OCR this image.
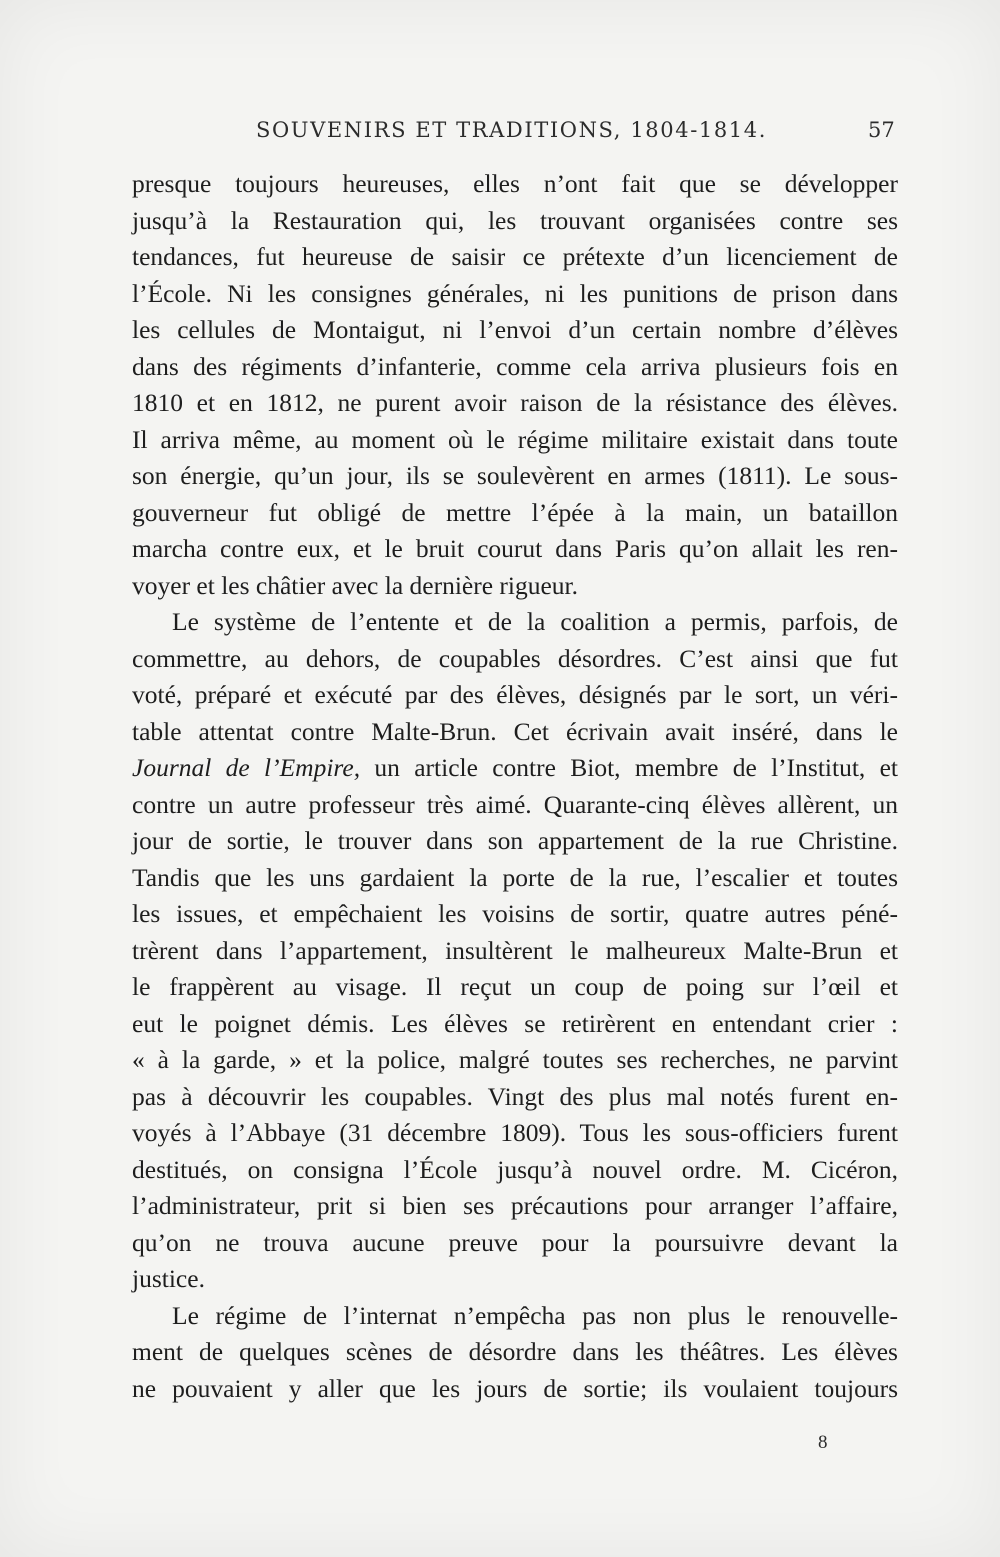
SOUVENIRS ET TRADITIONS, 1804-1814.	57
presque toujours heureuses, elles n’ont fait que se développer
jusqu’à la Restauration qui, les trouvant organisées contre ses
tendances, fut heureuse de saisir ce prétexte d’un licenciement de
l’École. Ni les consignes générales, ni les punitions de prison dans
les cellules de Montaigut, ni l’envoi d’un certain nombre d’élèves
dans des régiments d’infanterie, comme cela arriva plusieurs fois en
1810 et en 1812, ne purent avoir raison de la résistance des élèves.
Il arriva même, au moment où le régime militaire existait dans toute
son énergie, qu’un jour, ils se soulevèrent en armes (1811). Le sous-
gouverneur fut obligé de mettre l’épée à la main, un bataillon
marcha contre eux, et le bruit courut dans Paris qu’on allait les ren-
voyer et les châtier avec la dernière rigueur.
Le système de l’entente et de la coalition a permis, parfois, de
commettre, au dehors, de coupables désordres. C’est ainsi que fut
voté, préparé et exécuté par des élèves, désignés par le sort, un véri-
table attentat contre Malte-Brun. Cet écrivain avait inséré, dans le
Journal de l’Empire, un article contre Biot, membre de l’Institut, et
contre un autre professeur très aimé. Quarante-cinq élèves allèrent, un
jour de sortie, le trouver dans son appartement de la rue Christine.
Tandis que les uns gardaient la porte de la rue, l’escalier et toutes
les issues, et empêchaient les voisins de sortir, quatre autres péné-
trèrent dans l’appartement, insultèrent le malheureux Malte-Brun et
le frappèrent au visage. Il reçut un coup de poing sur l’œil et
eut le poignet démis. Les élèves se retirèrent en entendant crier :
« à la garde, » et la police, malgré toutes ses recherches, ne parvint
pas à découvrir les coupables. Vingt des plus mal notés furent en-
voyés à l’Abbaye (31 décembre 1809). Tous les sous-officiers furent
destitués, on consigna l’École jusqu’à nouvel ordre. M. Cicéron,
l’administrateur, prit si bien ses précautions pour arranger l’affaire,
qu’on ne trouva aucune preuve pour la poursuivre devant la
justice.
Le régime de l’internat n’empêcha pas non plus le renouvelle-
ment de quelques scènes de désordre dans les théâtres. Les élèves
ne pouvaient y aller que les jours de sortie; ils voulaient toujours
8
